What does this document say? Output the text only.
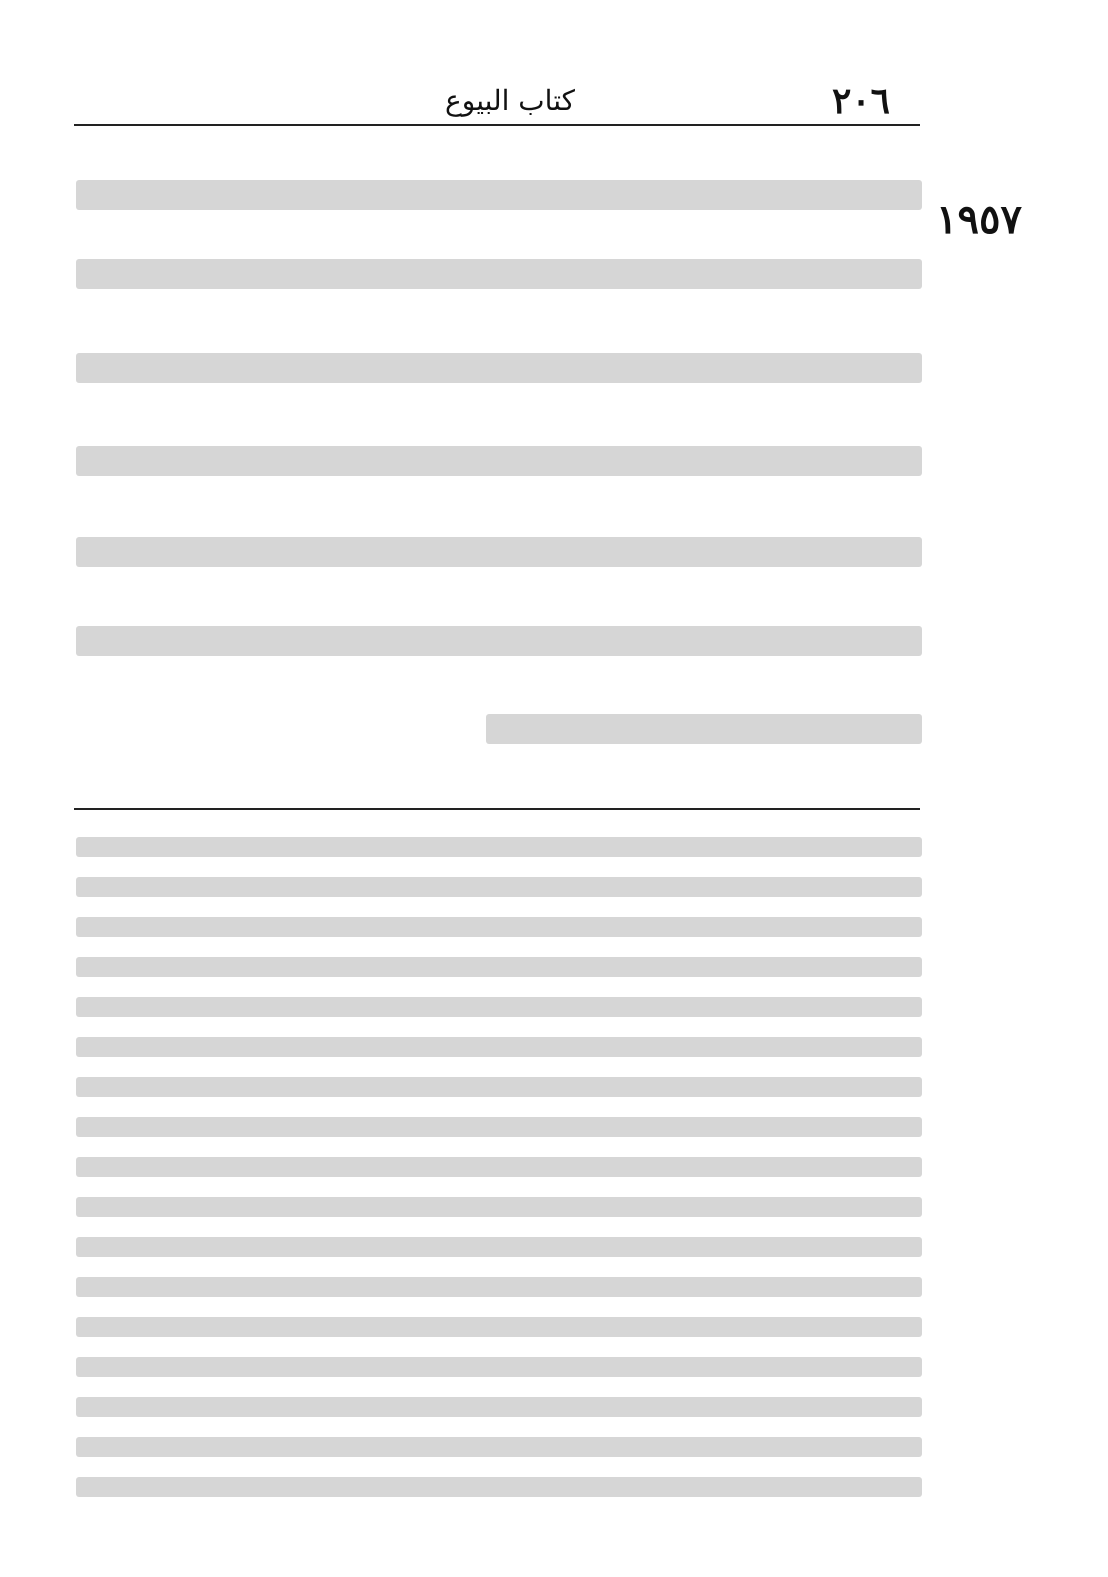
٢٠٦
كتاب البيوع
١٩٥٧
